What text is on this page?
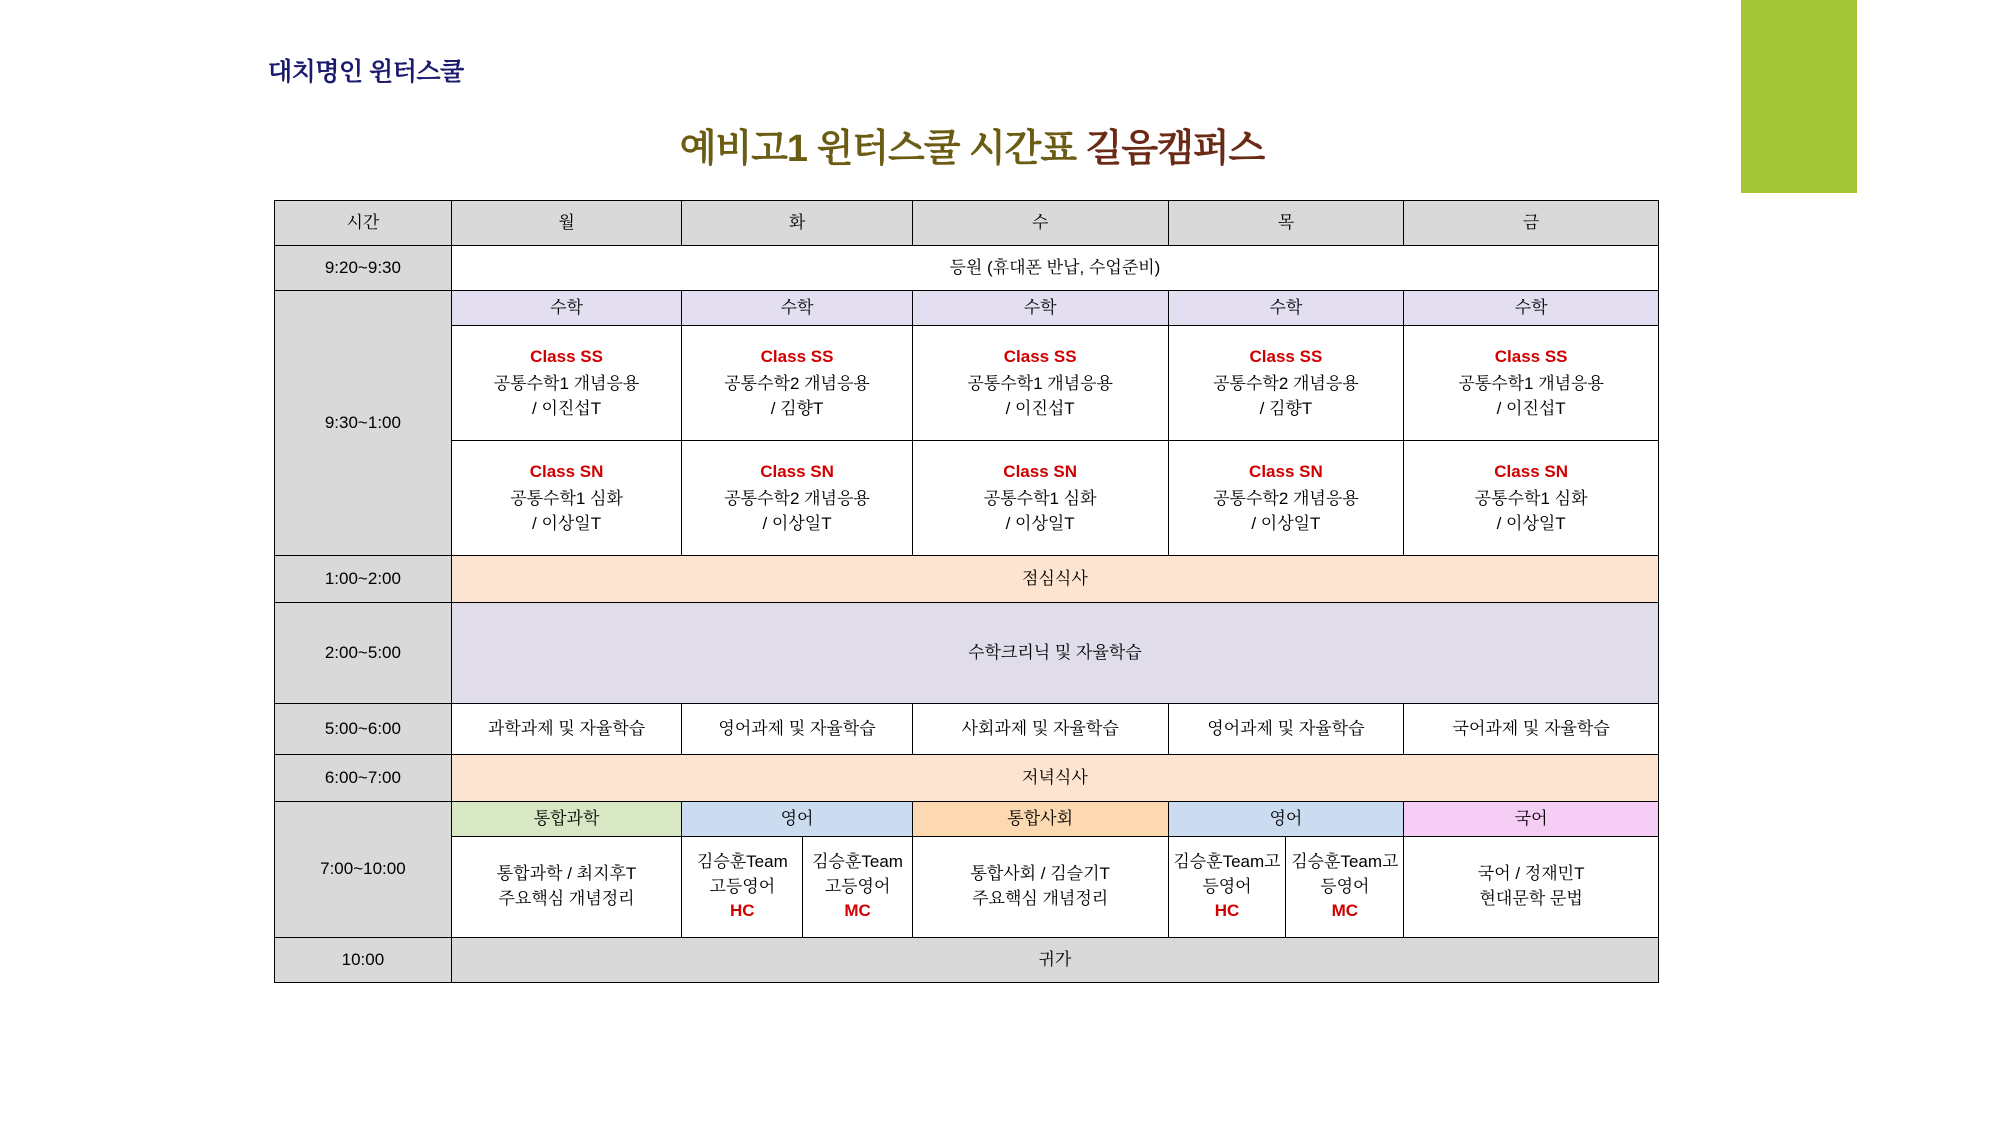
대치명인 윈터스쿨
예비고1 윈터스쿨 시간표 길음캠퍼스
시간	월	화		수	목		금
9:20~9:30	등원 (휴대폰 반납, 수업준비)						
9:30~1:00	수학	수학		수학	수학		수학

	Class SS
공통수학1 개념응용
/ 이진섭T	Class SS
공통수학2 개념응용
/ 김향T		Class SS
공통수학1 개념응용
/ 이진섭T	Class SS
공통수학2 개념응용
/ 김향T		Class SS
공통수학1 개념응용
/ 이진섭T

	Class SN
공통수학1 심화
/ 이상일T	Class SN
공통수학2 개념응용
/ 이상일T		Class SN
공통수학1 심화
/ 이상일T	Class SN
공통수학2 개념응용
/ 이상일T		Class SN
공통수학1 심화
/ 이상일T
1:00~2:00	점심식사						
2:00~5:00	수학크리닉 및 자율학습						
5:00~6:00	과학과제 및 자율학습	영어과제 및 자율학습		사회과제 및 자율학습	영어과제 및 자율학습		국어과제 및 자율학습
6:00~7:00	저녁식사						
7:00~10:00	통합과학	영어		통합사회	영어		국어
	통합과학 / 최지후T
주요핵심 개념정리	김승훈Team
고등영어
HC	김승훈Team
고등영어
MC	통합사회 / 김슬기T
주요핵심 개념정리	김승훈Team고
등영어
HC	김승훈Team고
등영어
MC	국어 / 정재민T
현대문학 문법
10:00	귀가						
